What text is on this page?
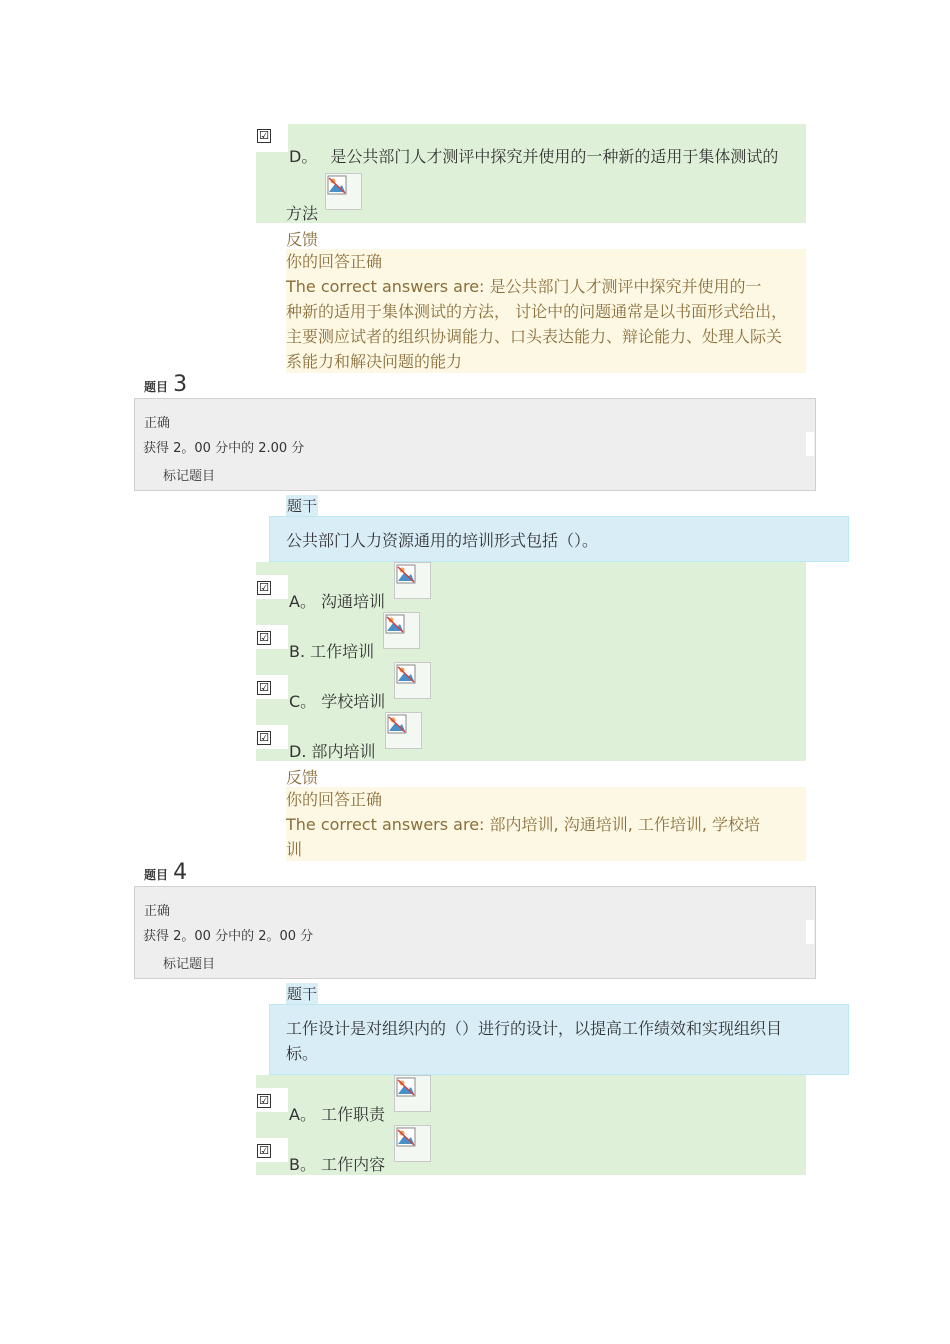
☑
D。 是公共部门人才测评中探究并使用的一种新的适用于集体测试的
方法
反馈
你的回答正确
The correct answers are: 是公共部门人才测评中探究并使用的一
种新的适用于集体测试的方法， 讨论中的问题通常是以书面形式给出，
主要测应试者的组织协调能力、口头表达能力、辩论能力、处理人际关
系能力和解决问题的能力
题目 3
正确
获得 2。00 分中的 2.00 分
标记题目
题干
公共部门人力资源通用的培训形式包括（）。
☑
A。 沟通培训
☑
B. 工作培训
☑
C。 学校培训
☑
D. 部内培训
反馈
你的回答正确
The correct answers are: 部内培训, 沟通培训, 工作培训, 学校培
训
题目 4
正确
获得 2。00 分中的 2。00 分
标记题目
题干
工作设计是对组织内的（）进行的设计，以提高工作绩效和实现组织目
标。
☑
A。 工作职责
☑
B。 工作内容
